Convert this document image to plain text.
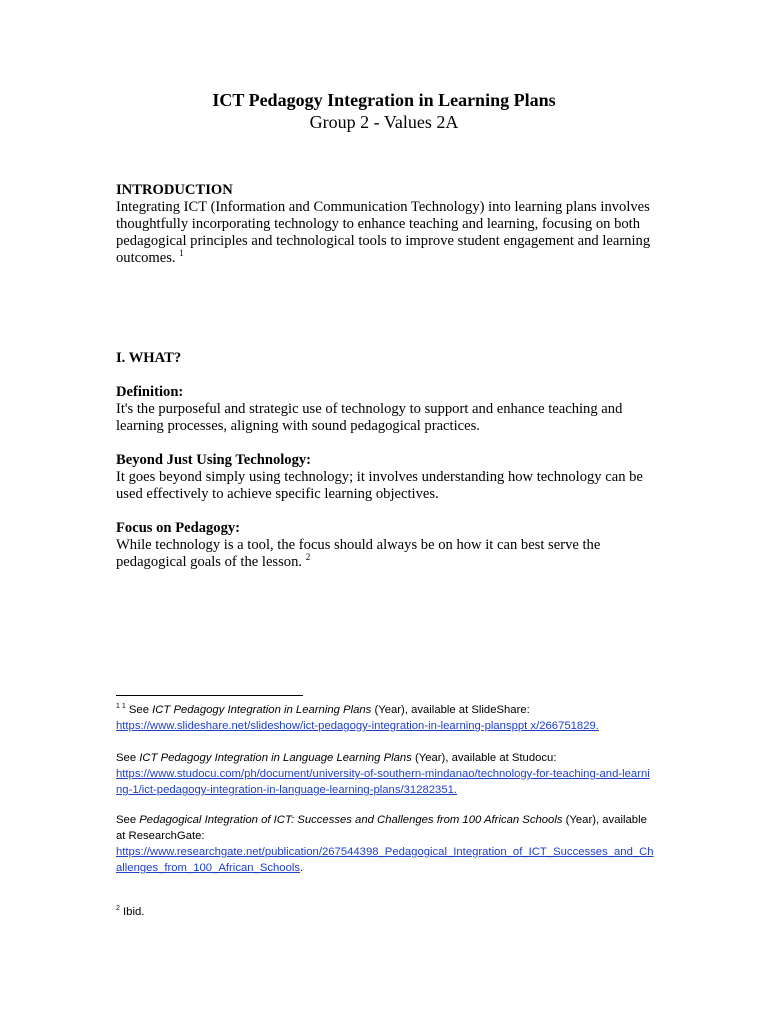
ICT Pedagogy Integration in Learning Plans

Group 2 - Values 2A

INTRODUCTION

Integrating ICT (Information and Communication Technology) into learning plans involves thoughtfully incorporating technology to enhance teaching and learning, focusing on both pedagogical principles and technological tools to improve student engagement and learning outcomes. $^1$

I. WHAT?

Definition:

It's the purposeful and strategic use of technology to support and enhance teaching and learning processes, aligning with sound pedagogical practices.

Beyond Just Using Technology:

It goes beyond simply using technology; it involves understanding how technology can be used effectively to achieve specific learning objectives.

Focus on Pedagogy:

While technology is a tool, the focus should always be on how it can best serve the pedagogical goals of the lesson. $^2$

$^{1 1}$ See ICT Pedagogy Integration in Learning Plans (Year), available at SlideShare:

https://www.slideshare.net/slideshow/ict-pedagogy-integration-in-learning-plansppt x/266751829.

See ICT Pedagogy Integration in Language Learning Plans (Year), available at Studocu:

https://www.studocu.com/ph/document/university-of-southern-mindanao/technology-for-teaching-and-learning-1/ict-pedagogy-integration-in-language-learning-plans/31282351.

See Pedagogical Integration of ICT: Successes and Challenges from 100 African Schools (Year), available at ResearchGate:

https://www.researchgate.net/publication/267544398_Pedagogical_Integration_of_ICT_Successes_and_Challenges_from_100_African_Schools.

$^2$ Ibid.
